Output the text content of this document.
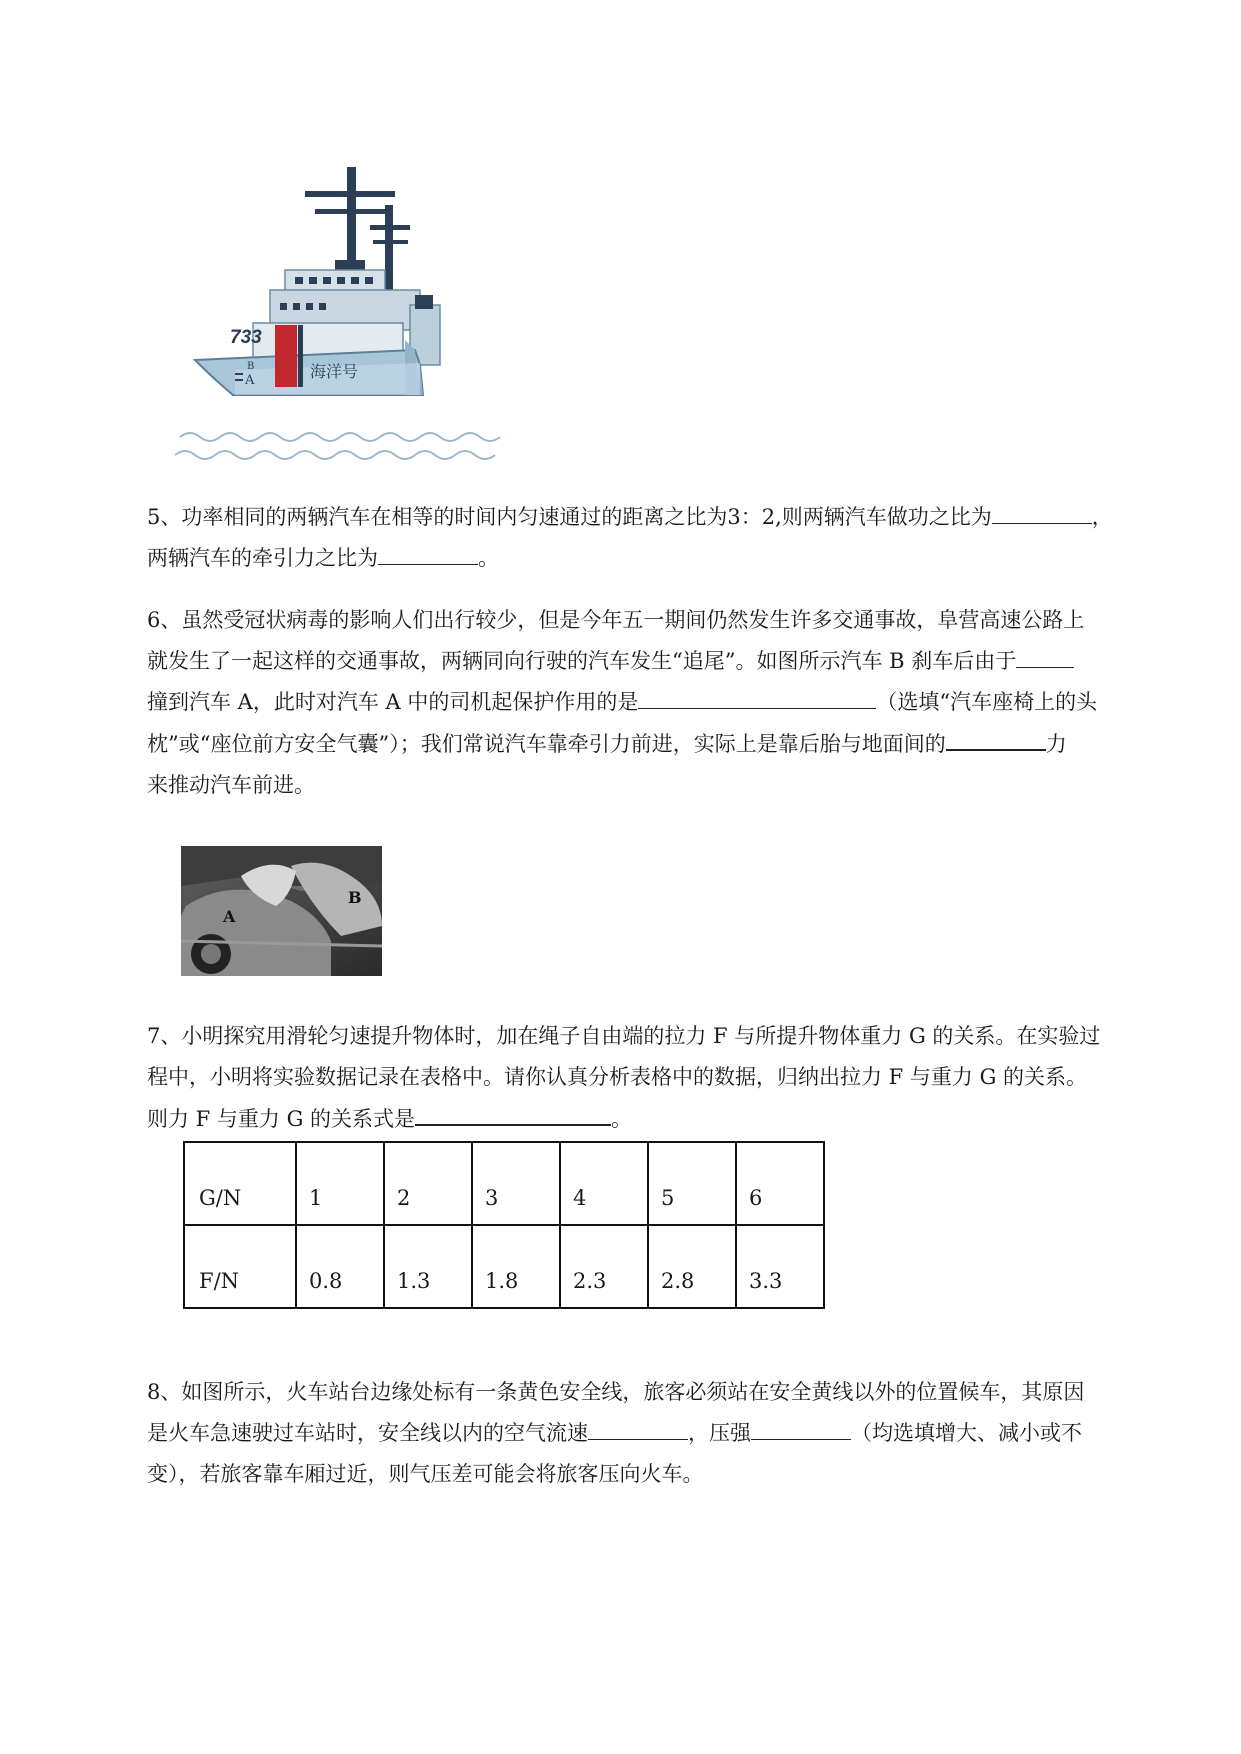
733
海洋号
B
A
5、功率相同的两辆汽车在相等的时间内匀速通过的距离之比为3：2,则两辆汽车做功之比为	，
两辆汽车的牵引力之比为	。
6、虽然受冠状病毒的影响人们出行较少，但是今年五一期间仍然发生许多交通事故，阜营高速公路上
就发生了一起这样的交通事故，两辆同向行驶的汽车发生“追尾”。如图所示汽车 B 刹车后由于
撞到汽车 A，此时对汽车 A 中的司机起保护作用的是	（选填“汽车座椅上的头
枕”或“座位前方安全气囊”）；我们常说汽车靠牵引力前进，实际上是靠后胎与地面间的	力
来推动汽车前进。
A
B
7、小明探究用滑轮匀速提升物体时，加在绳子自由端的拉力 F 与所提升物体重力 G 的关系。在实验过
程中，小明将实验数据记录在表格中。请你认真分析表格中的数据，归纳出拉力 F 与重力 G 的关系。
则力 F 与重力 G 的关系式是	。
G/N	1	2	3	4	5	6
F/N	0.8	1.3	1.8	2.3	2.8	3.3
8、如图所示，火车站台边缘处标有一条黄色安全线，旅客必须站在安全黄线以外的位置候车，其原因
是火车急速驶过车站时，安全线以内的空气流速	，压强	（均选填增大、减小或不
变），若旅客靠车厢过近，则气压差可能会将旅客压向火车。
